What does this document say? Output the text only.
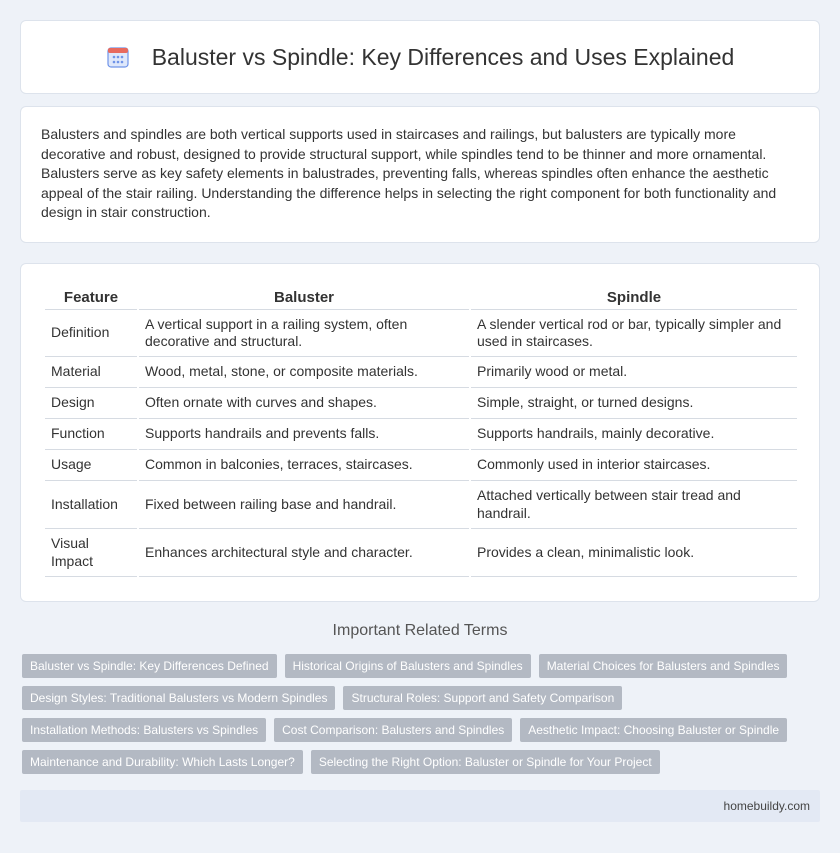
Baluster vs Spindle: Key Differences and Uses Explained

Balusters and spindles are both vertical supports used in staircases and railings, but balusters are typically more decorative and robust, designed to provide structural support, while spindles tend to be thinner and more ornamental. Balusters serve as key safety elements in balustrades, preventing falls, whereas spindles often enhance the aesthetic appeal of the stair railing. Understanding the difference helps in selecting the right component for both functionality and design in stair construction.

Feature	Baluster	Spindle
Definition	A vertical support in a railing system, often decorative and structural.	A slender vertical rod or bar, typically simpler and used in staircases.
Material	Wood, metal, stone, or composite materials.	Primarily wood or metal.
Design	Often ornate with curves and shapes.	Simple, straight, or turned designs.
Function	Supports handrails and prevents falls.	Supports handrails, mainly decorative.
Usage	Common in balconies, terraces, staircases.	Commonly used in interior staircases.
Installation	Fixed between railing base and handrail.	Attached vertically between stair tread and handrail.
Visual Impact	Enhances architectural style and character.	Provides a clean, minimalistic look.
Important Related Terms
Baluster vs Spindle: Key Differences Defined	Historical Origins of Balusters and Spindles	Material Choices for Balusters and Spindles
Design Styles: Traditional Balusters vs Modern Spindles	Structural Roles: Support and Safety Comparison
Installation Methods: Balusters vs Spindles	Cost Comparison: Balusters and Spindles	Aesthetic Impact: Choosing Baluster or Spindle
Maintenance and Durability: Which Lasts Longer?	Selecting the Right Option: Baluster or Spindle for Your Project
homebuildy.com
